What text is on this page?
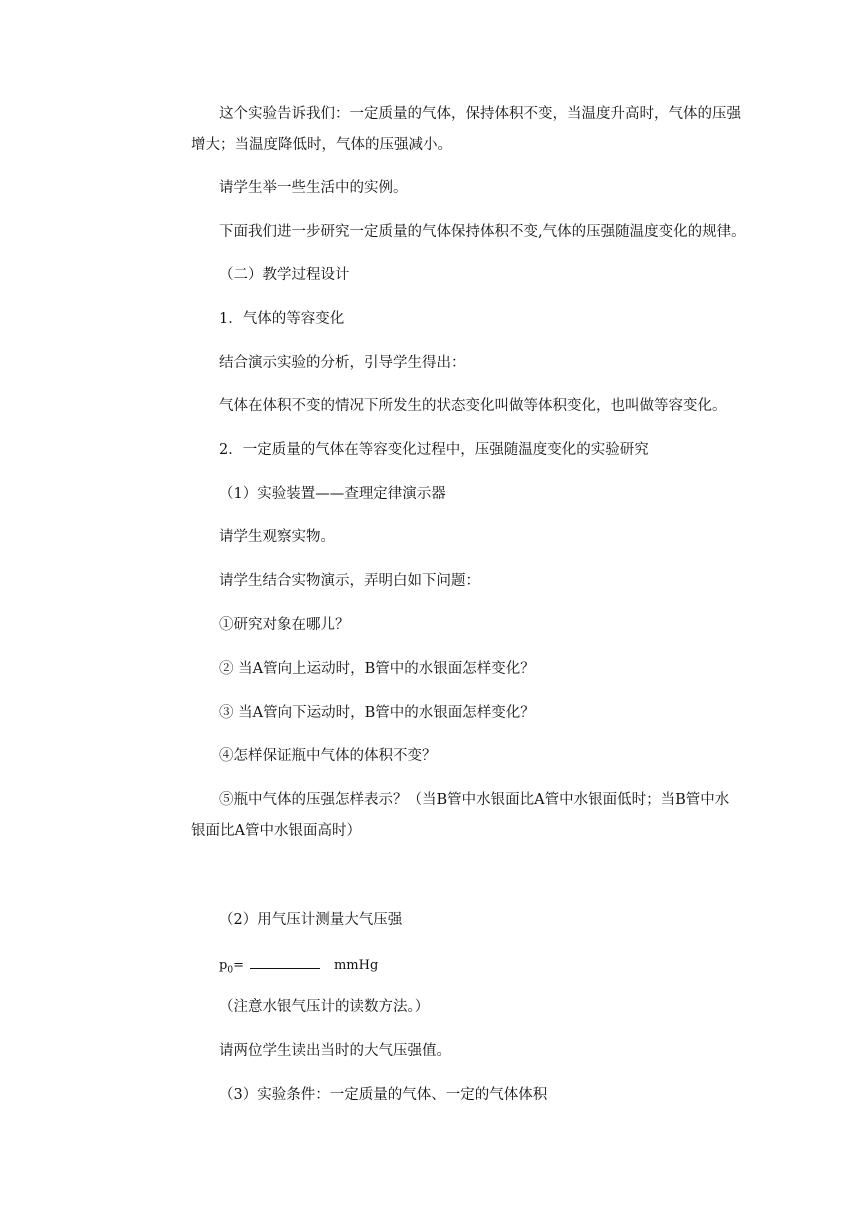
这个实验告诉我们：一定质量的气体，保持体积不变，当温度升高时，气体的压强

增大；当温度降低时，气体的压强减小。

请学生举一些生活中的实例。

下面我们进一步研究一定质量的气体保持体积不变,气体的压强随温度变化的规律。

（二）教学过程设计

1．气体的等容变化

结合演示实验的分析，引导学生得出：

气体在体积不变的情况下所发生的状态变化叫做等体积变化，也叫做等容变化。

2．一定质量的气体在等容变化过程中，压强随温度变化的实验研究

（1）实验装置——查理定律演示器

请学生观察实物。

请学生结合实物演示，弄明白如下问题：

①研究对象在哪儿？

② 当A管向上运动时，B管中的水银面怎样变化？

③ 当A管向下运动时，B管中的水银面怎样变化？

④怎样保证瓶中气体的体积不变？

⑤瓶中气体的压强怎样表示？（当B管中水银面比A管中水银面低时；当B管中水

银面比A管中水银面高时）

（2）用气压计测量大气压强

$p_0=$	mmHg

（注意水银气压计的读数方法。）

请两位学生读出当时的大气压强值。

（3）实验条件：一定质量的气体、一定的气体体积
